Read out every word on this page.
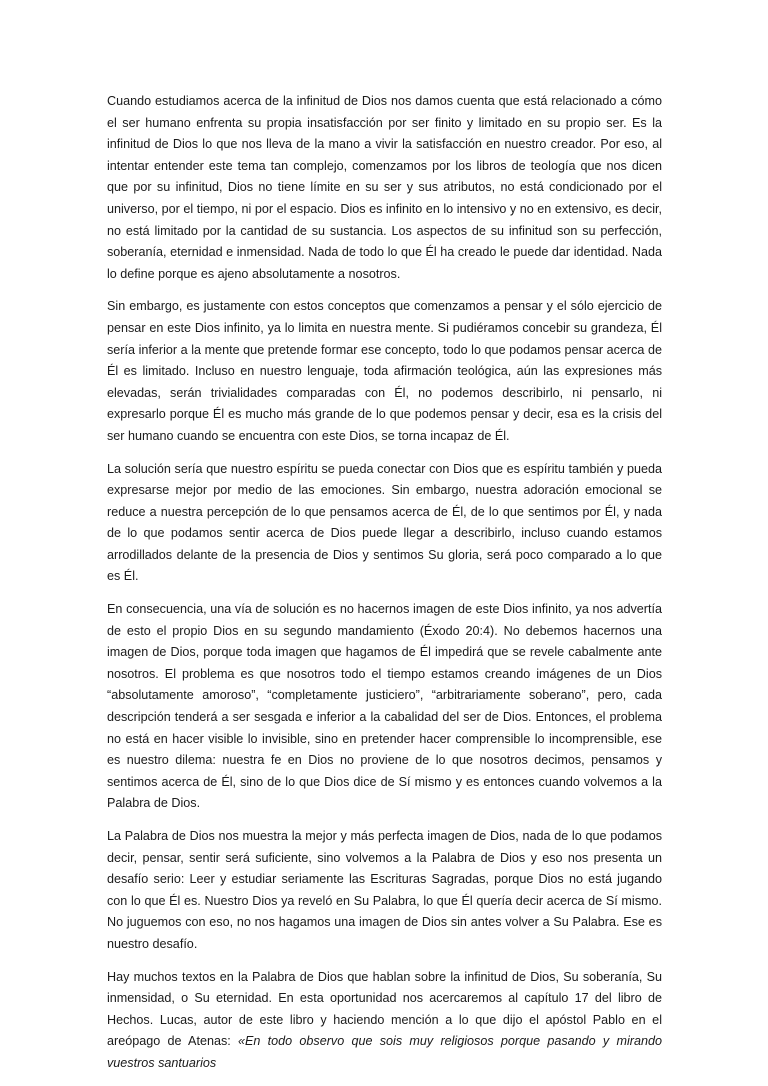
Cuando estudiamos acerca de la infinitud de Dios nos damos cuenta que está relacionado a cómo el ser humano enfrenta su propia insatisfacción por ser finito y limitado en su propio ser. Es la infinitud de Dios lo que nos lleva de la mano a vivir la satisfacción en nuestro creador. Por eso, al intentar entender este tema tan complejo, comenzamos por los libros de teología que nos dicen que por su infinitud, Dios no tiene límite en su ser y sus atributos, no está condicionado por el universo, por el tiempo, ni por el espacio. Dios es infinito en lo intensivo y no en extensivo, es decir, no está limitado por la cantidad de su sustancia. Los aspectos de su infinitud son su perfección, soberanía, eternidad e inmensidad. Nada de todo lo que Él ha creado le puede dar identidad. Nada lo define porque es ajeno absolutamente a nosotros.

Sin embargo, es justamente con estos conceptos que comenzamos a pensar y el sólo ejercicio de pensar en este Dios infinito, ya lo limita en nuestra mente. Si pudiéramos concebir su grandeza, Él sería inferior a la mente que pretende formar ese concepto, todo lo que podamos pensar acerca de Él es limitado. Incluso en nuestro lenguaje, toda afirmación teológica, aún las expresiones más elevadas, serán trivialidades comparadas con Él, no podemos describirlo, ni pensarlo, ni expresarlo porque Él es mucho más grande de lo que podemos pensar y decir, esa es la crisis del ser humano cuando se encuentra con este Dios, se torna incapaz de Él.

La solución sería que nuestro espíritu se pueda conectar con Dios que es espíritu también y pueda expresarse mejor por medio de las emociones. Sin embargo, nuestra adoración emocional se reduce a nuestra percepción de lo que pensamos acerca de Él, de lo que sentimos por Él, y nada de lo que podamos sentir acerca de Dios puede llegar a describirlo, incluso cuando estamos arrodillados delante de la presencia de Dios y sentimos Su gloria, será poco comparado a lo que es Él.

En consecuencia, una vía de solución es no hacernos imagen de este Dios infinito, ya nos advertía de esto el propio Dios en su segundo mandamiento (Éxodo 20:4). No debemos hacernos una imagen de Dios, porque toda imagen que hagamos de Él impedirá que se revele cabalmente ante nosotros. El problema es que nosotros todo el tiempo estamos creando imágenes de un Dios “absolutamente amoroso”, “completamente justiciero”, “arbitrariamente soberano”, pero, cada descripción tenderá a ser sesgada e inferior a la cabalidad del ser de Dios. Entonces, el problema no está en hacer visible lo invisible, sino en pretender hacer comprensible lo incomprensible, ese es nuestro dilema: nuestra fe en Dios no proviene de lo que nosotros decimos, pensamos y sentimos acerca de Él, sino de lo que Dios dice de Sí mismo y es entonces cuando volvemos a la Palabra de Dios.

La Palabra de Dios nos muestra la mejor y más perfecta imagen de Dios, nada de lo que podamos decir, pensar, sentir será suficiente, sino volvemos a la Palabra de Dios y eso nos presenta un desafío serio: Leer y estudiar seriamente las Escrituras Sagradas, porque Dios no está jugando con lo que Él es. Nuestro Dios ya reveló en Su Palabra, lo que Él quería decir acerca de Sí mismo. No juguemos con eso, no nos hagamos una imagen de Dios sin antes volver a Su Palabra. Ese es nuestro desafío.

Hay muchos textos en la Palabra de Dios que hablan sobre la infinitud de Dios, Su soberanía, Su inmensidad, o Su eternidad. En esta oportunidad nos acercaremos al capítulo 17 del libro de Hechos. Lucas, autor de este libro y haciendo mención a lo que dijo el apóstol Pablo en el areópago de Atenas: «En todo observo que sois muy religiosos porque pasando y mirando vuestros santuarios
